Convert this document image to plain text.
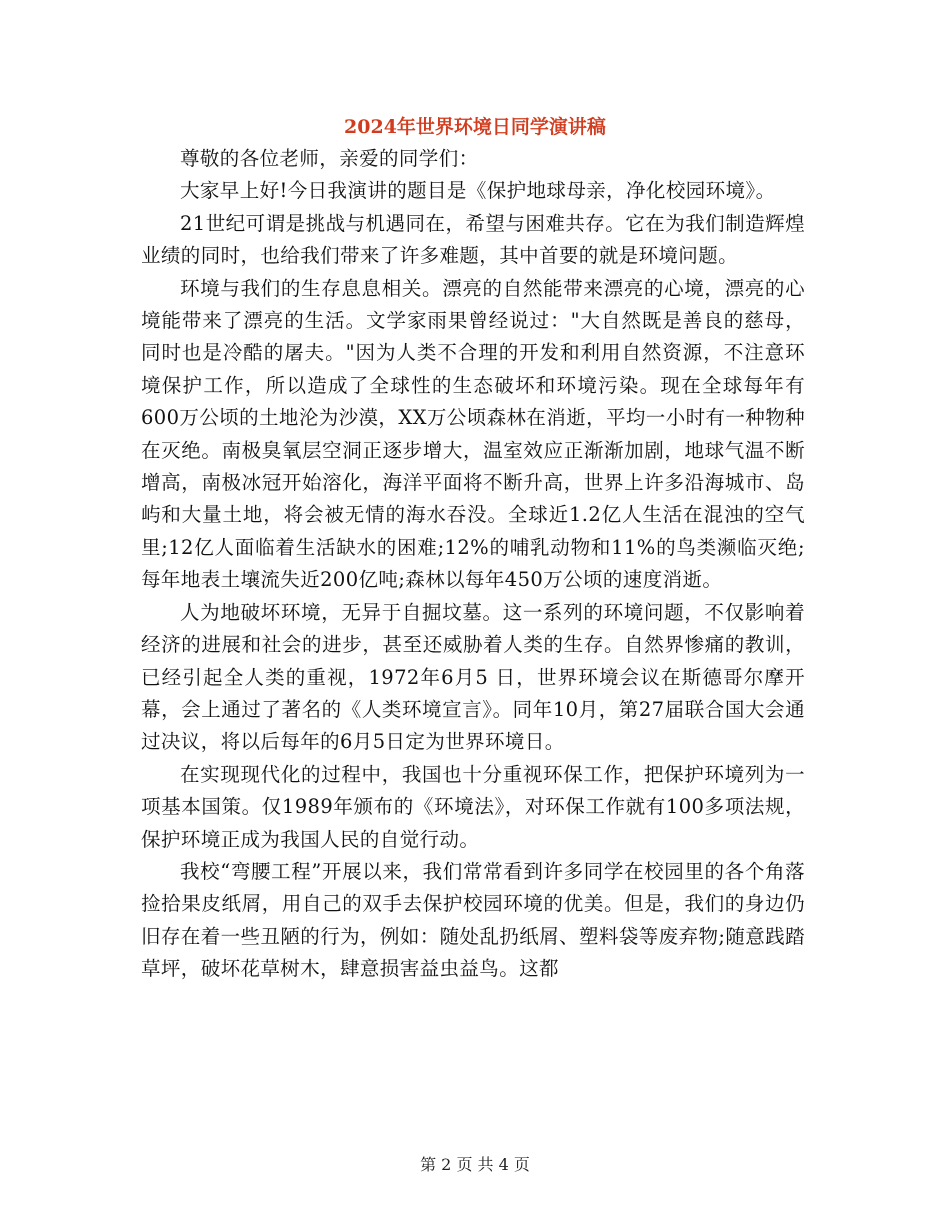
2024年世界环境日同学演讲稿

尊敬的各位老师，亲爱的同学们：

大家早上好!今日我演讲的题目是《保护地球母亲，净化校园环境》。

21世纪可谓是挑战与机遇同在，希望与困难共存。它在为我们制造辉煌业绩的同时，也给我们带来了许多难题，其中首要的就是环境问题。

环境与我们的生存息息相关。漂亮的自然能带来漂亮的心境，漂亮的心境能带来了漂亮的生活。文学家雨果曾经说过："大自然既是善良的慈母，同时也是冷酷的屠夫。"因为人类不合理的开发和利用自然资源，不注意环境保护工作，所以造成了全球性的生态破坏和环境污染。现在全球每年有600万公顷的土地沦为沙漠，XX万公顷森林在消逝，平均一小时有一种物种在灭绝。南极臭氧层空洞正逐步增大，温室效应正渐渐加剧，地球气温不断增高，南极冰冠开始溶化，海洋平面将不断升高，世界上许多沿海城市、岛屿和大量土地，将会被无情的海水吞没。全球近1.2亿人生活在混浊的空气里;12亿人面临着生活缺水的困难;12%的哺乳动物和11%的鸟类濒临灭绝;每年地表土壤流失近200亿吨;森林以每年450万公顷的速度消逝。

人为地破坏环境，无异于自掘坟墓。这一系列的环境问题，不仅影响着经济的进展和社会的进步，甚至还威胁着人类的生存。自然界惨痛的教训，已经引起全人类的重视，1972年6月5 日，世界环境会议在斯德哥尔摩开幕，会上通过了著名的《人类环境宣言》。同年10月，第27届联合国大会通过决议，将以后每年的6月5日定为世界环境日。

在实现现代化的过程中，我国也十分重视环保工作，把保护环境列为一项基本国策。仅1989年颁布的《环境法》，对环保工作就有100多项法规，保护环境正成为我国人民的自觉行动。

我校“弯腰工程”开展以来，我们常常看到许多同学在校园里的各个角落捡拾果皮纸屑，用自己的双手去保护校园环境的优美。但是，我们的身边仍旧存在着一些丑陋的行为，例如：随处乱扔纸屑、塑料袋等废弃物;随意践踏草坪，破坏花草树木，肆意损害益虫益鸟。这都

第 2 页 共 4 页
